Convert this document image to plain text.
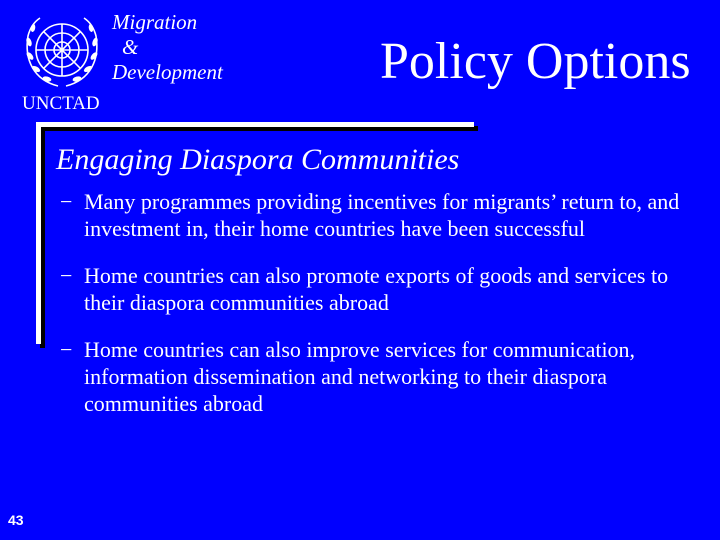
UNCTAD
Migration
&
Development	Policy Options
Engaging Diaspora Communities
− Many programmes providing incentives for migrants’ return to, and investment in, their home countries have been successful
− Home countries can also promote exports of goods and services to their diaspora communities abroad
− Home countries can also improve services for communication, information dissemination and networking to their diaspora communities abroad
43
